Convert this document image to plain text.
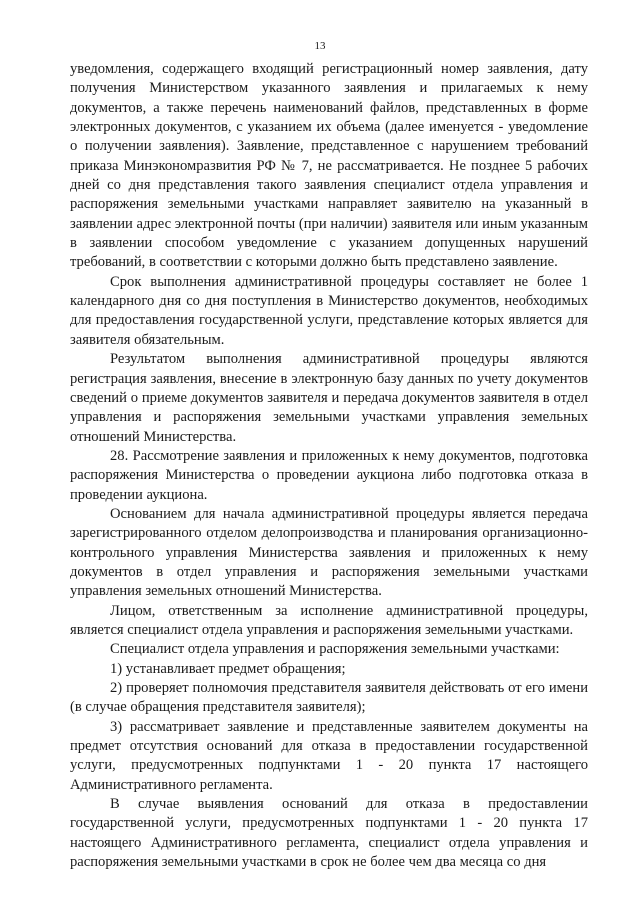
13

уведомления, содержащего входящий регистрационный номер заявления, дату получения Министерством указанного заявления и прилагаемых к нему документов, а также перечень наименований файлов, представленных в форме электронных документов, с указанием их объема (далее именуется - уведомление о получении заявления). Заявление, представленное с нарушением требований приказа Минэкономразвития РФ № 7, не рассматривается. Не позднее 5 рабочих дней со дня представления такого заявления специалист отдела управления и распоряжения земельными участками направляет заявителю на указанный в заявлении адрес электронной почты (при наличии) заявителя или иным указанным в заявлении способом уведомление с указанием допущенных нарушений требований, в соответствии с которыми должно быть представлено заявление.

Срок выполнения административной процедуры составляет не более 1 календарного дня со дня поступления в Министерство документов, необходимых для предоставления государственной услуги, представление которых является для заявителя обязательным.

Результатом выполнения административной процедуры являются регистрация заявления, внесение в электронную базу данных по учету документов сведений о приеме документов заявителя и передача документов заявителя в отдел управления и распоряжения земельными участками управления земельных отношений Министерства.

28. Рассмотрение заявления и приложенных к нему документов, подготовка распоряжения Министерства о проведении аукциона либо подготовка отказа в проведении аукциона.

Основанием для начала административной процедуры является передача зарегистрированного отделом делопроизводства и планирования организационно-контрольного управления Министерства заявления и приложенных к нему документов в отдел управления и распоряжения земельными участками управления земельных отношений Министерства.

Лицом, ответственным за исполнение административной процедуры, является специалист отдела управления и распоряжения земельными участками.

Специалист отдела управления и распоряжения земельными участками:

1) устанавливает предмет обращения;

2) проверяет полномочия представителя заявителя действовать от его имени (в случае обращения представителя заявителя);

3) рассматривает заявление и представленные заявителем документы на предмет отсутствия оснований для отказа в предоставлении государственной услуги, предусмотренных подпунктами 1 - 20 пункта 17 настоящего Административного регламента.

В случае выявления оснований для отказа в предоставлении государственной услуги, предусмотренных подпунктами 1 - 20 пункта 17 настоящего Административного регламента, специалист отдела управления и распоряжения земельными участками в срок не более чем два месяца со дня
